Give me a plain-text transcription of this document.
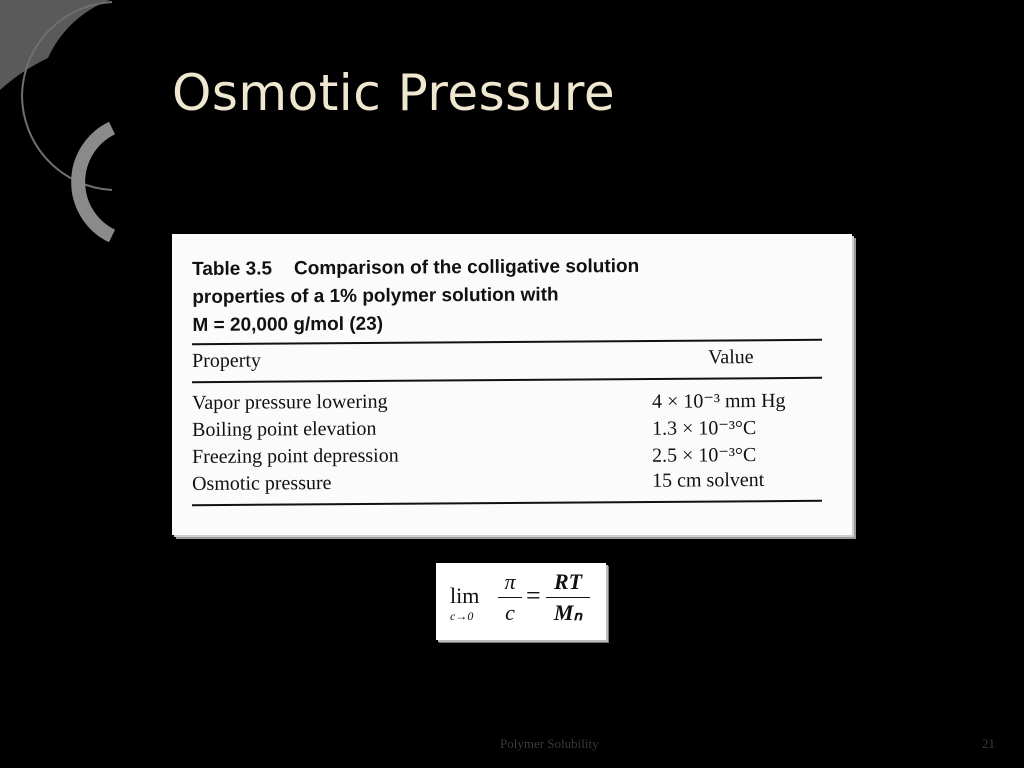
Osmotic Pressure
Table 3.5 Comparison of the colligative solution
properties of a 1% polymer solution with
M = 20,000 g/mol (23)
Property	Value
Vapor pressure lowering	4 × 10⁻³ mm Hg
Boiling point elevation	1.3 × 10⁻³°C
Freezing point depression	2.5 × 10⁻³°C
Osmotic pressure	15 cm solvent
lim
c→0
π
c
= RT
Mₙ
Polymer Solubility	21
